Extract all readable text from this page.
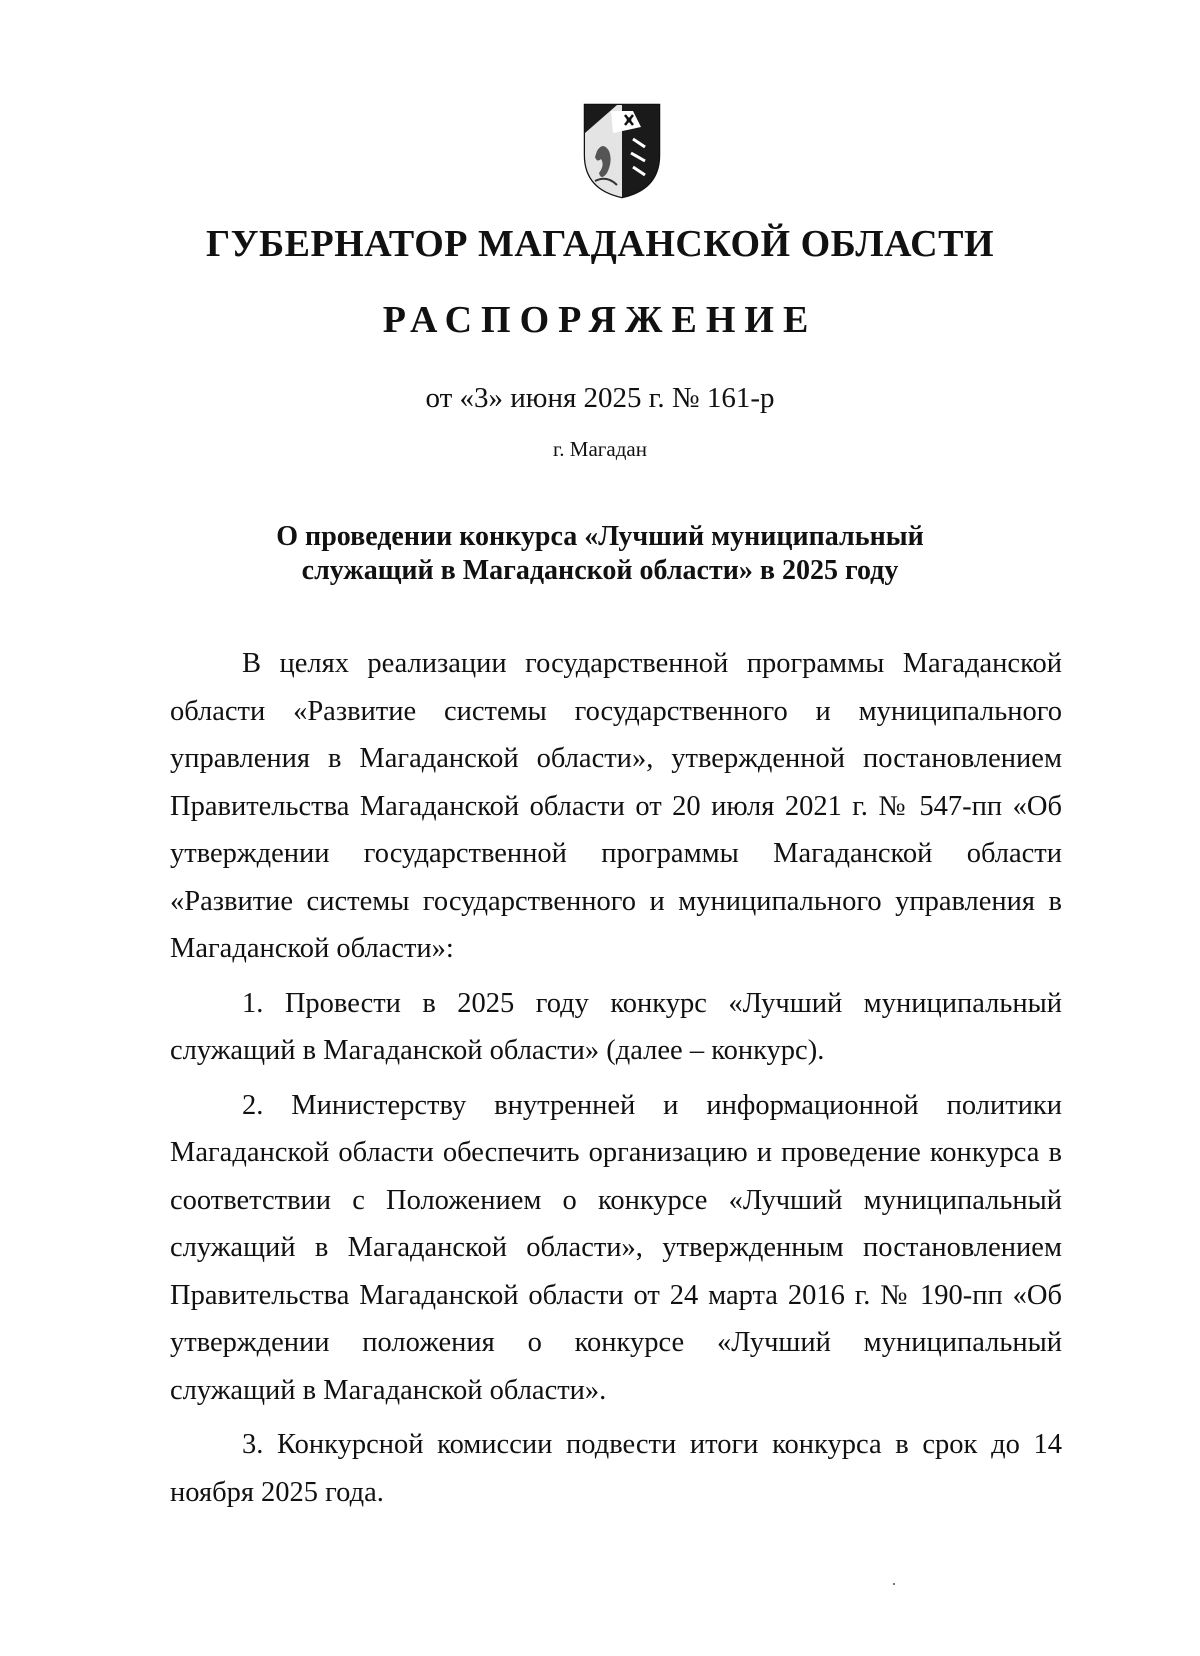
ГУБЕРНАТОР МАГАДАНСКОЙ ОБЛАСТИ
РАСПОРЯЖЕНИЕ
от «3» июня 2025 г. № 161-р
г. Магадан
О проведении конкурса «Лучший муниципальный
служащий в Магаданской области» в 2025 году

В целях реализации государственной программы Магаданской области «Развитие системы государственного и муниципального управления в Магаданской области», утвержденной постановлением Правительства Магаданской области от 20 июля 2021 г. № 547-пп «Об утверждении государственной программы Магаданской области «Развитие системы государственного и муниципального управления в Магаданской области»:

1. Провести в 2025 году конкурс «Лучший муниципальный служащий в Магаданской области» (далее – конкурс).

2. Министерству внутренней и информационной политики Магаданской области обеспечить организацию и проведение конкурса в соответствии с Положением о конкурсе «Лучший муниципальный служащий в Магаданской области», утвержденным постановлением Правительства Магаданской области от 24 марта 2016 г. № 190-пп «Об утверждении положения о конкурсе «Лучший муниципальный служащий в Магаданской области».

3. Конкурсной комиссии подвести итоги конкурса в срок до 14 ноября 2025 года.
